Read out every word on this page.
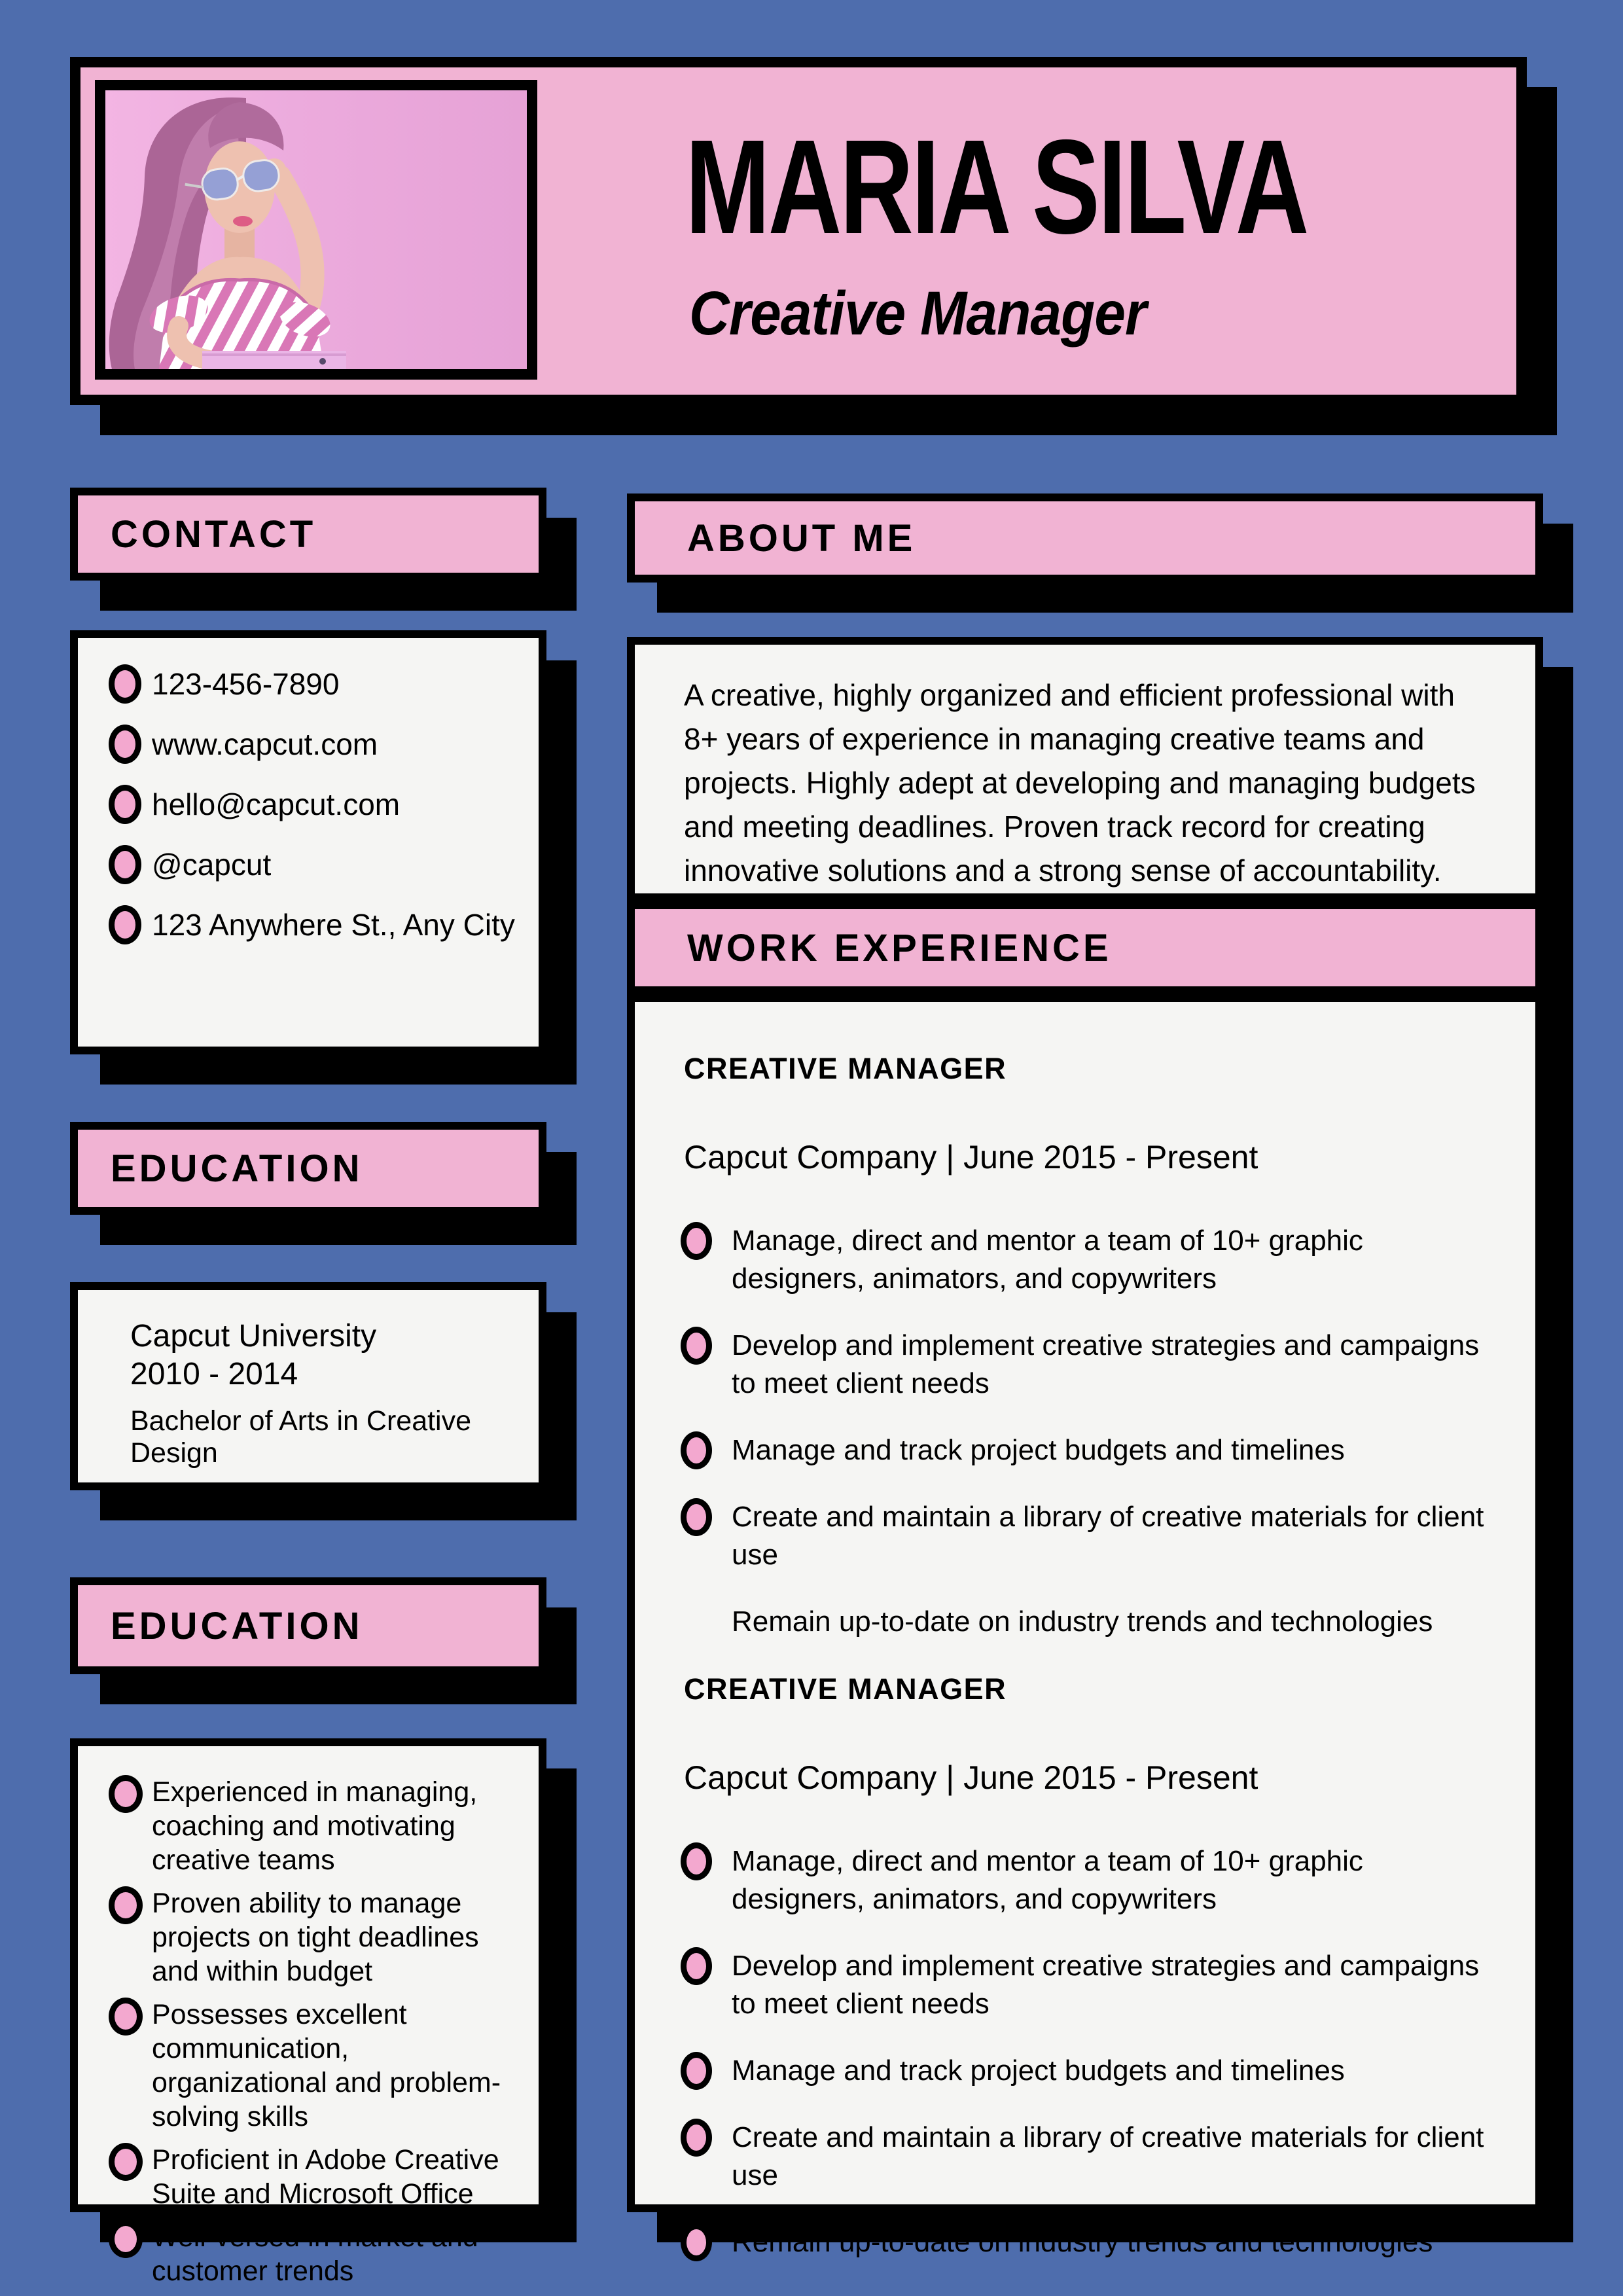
MARIA SILVA
Creative Manager
CONTACT
123-456-7890
www.capcut.com
hello@capcut.com
@capcut
123 Anywhere St., Any City
EDUCATION
Capcut University
2010 - 2014
Bachelor of Arts in Creative Design
EDUCATION
Experienced in managing, coaching and motivating creative teams
Proven ability to manage projects on tight deadlines and within budget
Possesses excellent communication, organizational and problem-solving skills
Proficient in Adobe Creative Suite and Microsoft Office
Well-versed in market and customer trends
ABOUT ME
A creative, highly organized and efficient professional with 8+ years of experience in managing creative teams and projects. Highly adept at developing and managing budgets and meeting deadlines. Proven track record for creating innovative solutions and a strong sense of accountability.
WORK EXPERIENCE
CREATIVE MANAGER
Capcut Company | June 2015 - Present
Manage, direct and mentor a team of 10+ graphic designers, animators, and copywriters
Develop and implement creative strategies and campaigns to meet client needs
Manage and track project budgets and timelines
Create and maintain a library of creative materials for client use
Remain up-to-date on industry trends and technologies
CREATIVE MANAGER
Capcut Company | June 2015 - Present
Manage, direct and mentor a team of 10+ graphic designers, animators, and copywriters
Develop and implement creative strategies and campaigns to meet client needs
Manage and track project budgets and timelines
Create and maintain a library of creative materials for client use
Remain up-to-date on industry trends and technologies
